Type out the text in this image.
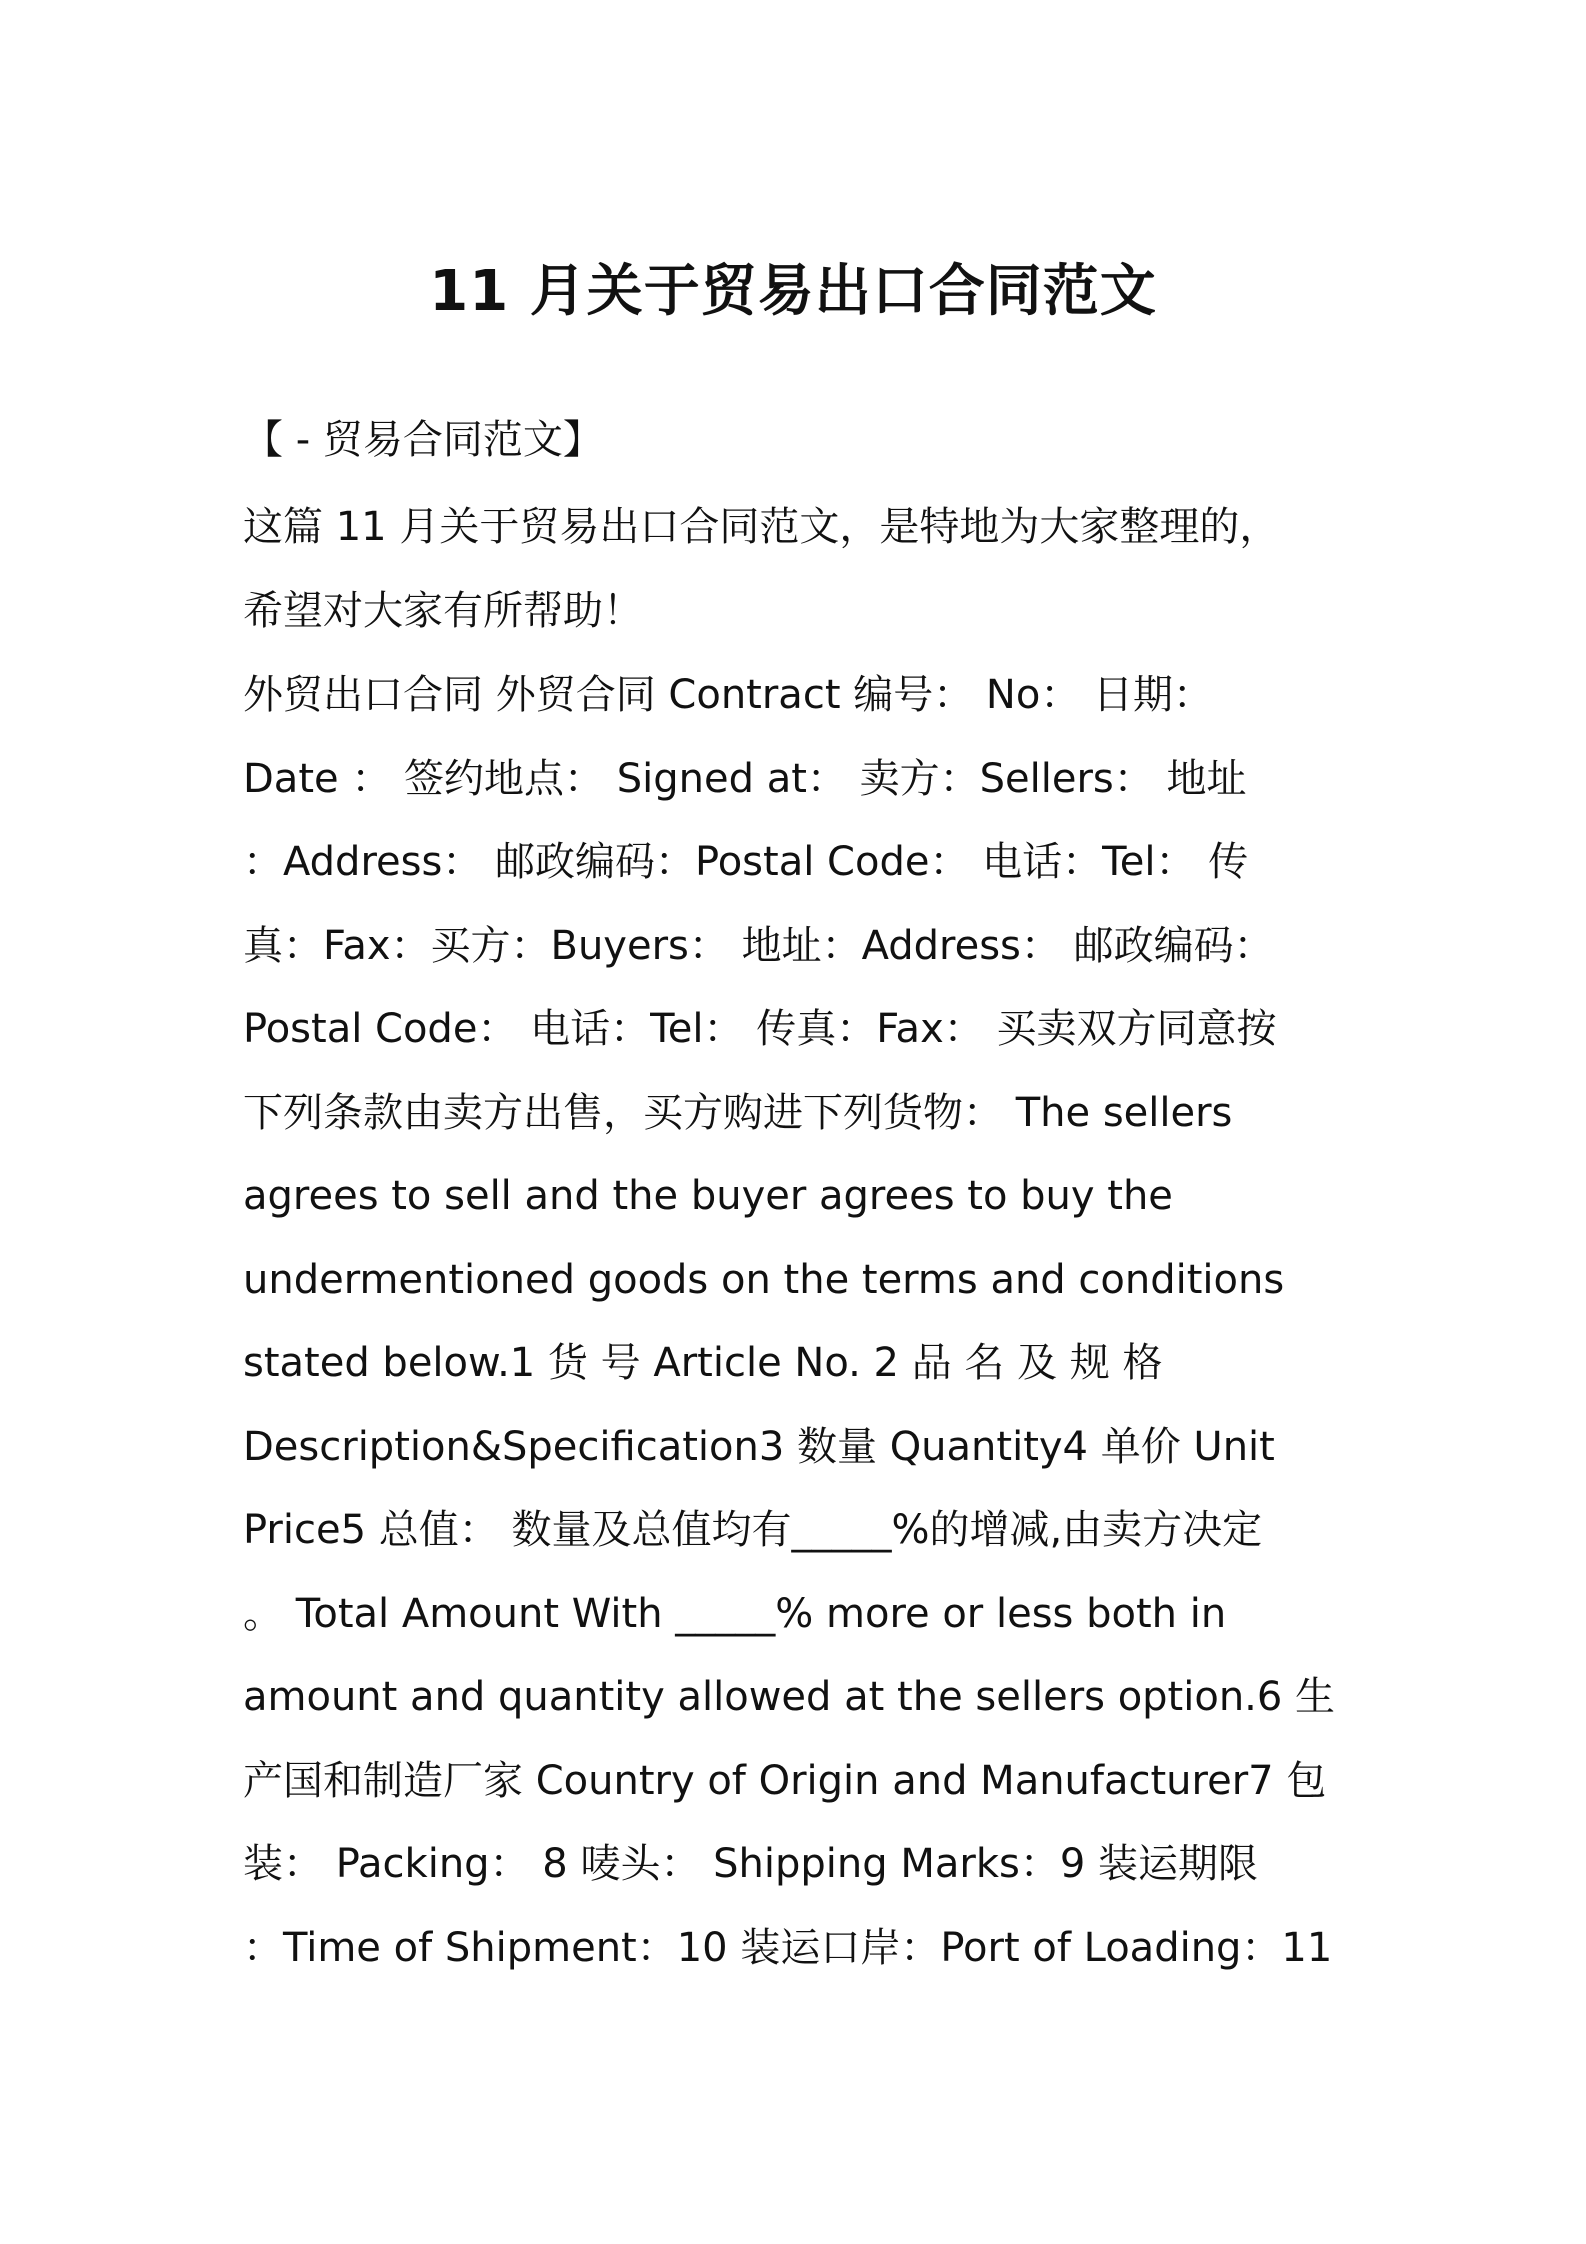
11 月关于贸易出口合同范文
【 - 贸易合同范文】
这篇 11 月关于贸易出口合同范文，是特地为大家整理的，
希望对大家有所帮助！
外贸出口合同 外贸合同 Contract 编号： No： 日期：
Date ： 签约地点： Signed at： 卖方：Sellers： 地址
：Address： 邮政编码：Postal Code： 电话：Tel： 传
真：Fax：买方：Buyers： 地址：Address： 邮政编码：
Postal Code： 电话：Tel： 传真：Fax： 买卖双方同意按
下列条款由卖方出售，买方购进下列货物： The sellers
agrees to sell and the buyer agrees to buy the
undermentioned goods on the terms and conditions
stated below.1 货 号 Article No. 2 品 名 及 规 格
Description&Specification3 数量 Quantity4 单价 Unit
Price5 总值： 数量及总值均有_____%的增减,由卖方决定
。 Total Amount With _____% more or less both in
amount and quantity allowed at the sellers option.6 生
产国和制造厂家 Country of Origin and Manufacturer7 包
装： Packing： 8 唛头： Shipping Marks：9 装运期限
：Time of Shipment：10 装运口岸：Port of Loading：11
